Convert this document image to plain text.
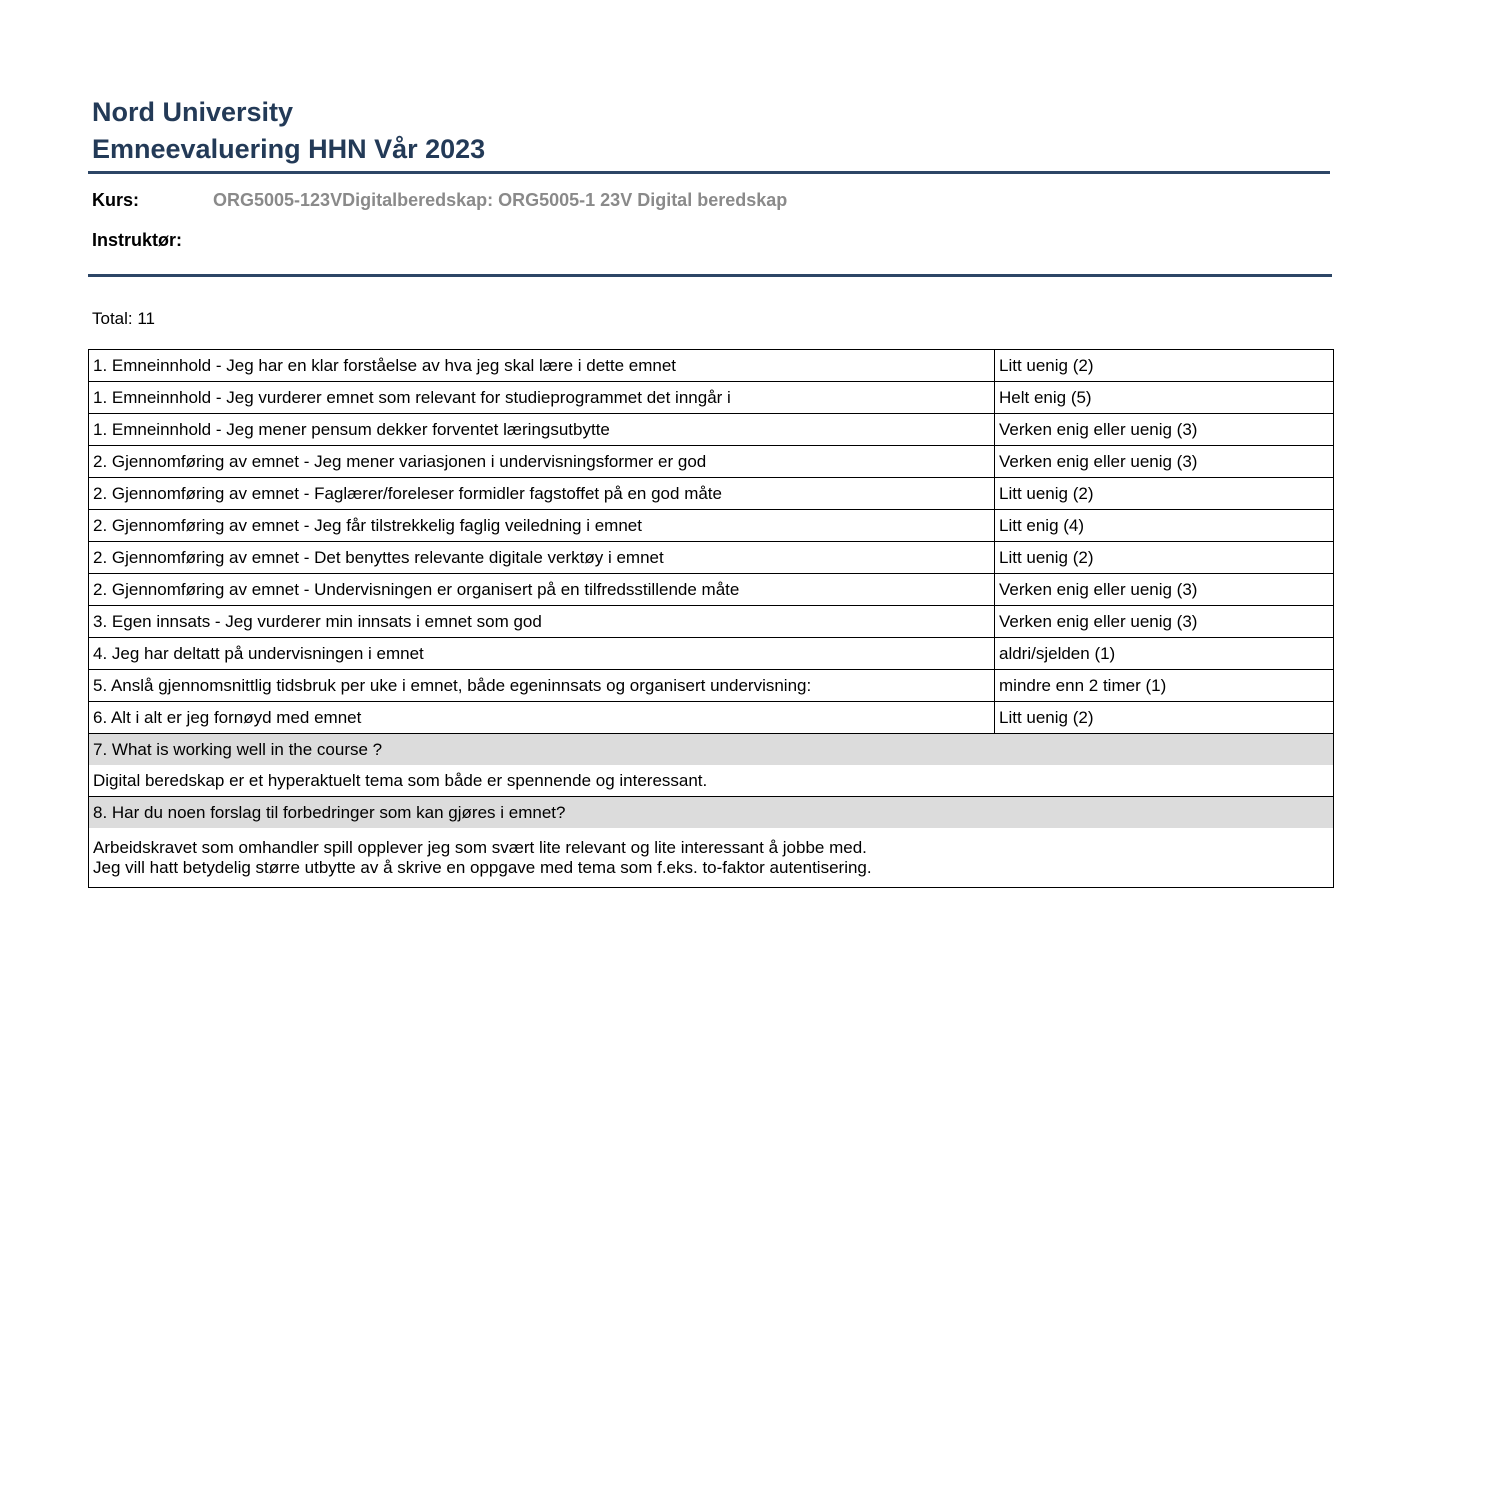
Nord University
Emneevaluering HHN Vår 2023
Kurs:	ORG5005-123VDigitalberedskap: ORG5005-1 23V Digital beredskap
Instruktør:
Total: 11
1. Emneinnhold - Jeg har en klar forståelse av hva jeg skal lære i dette emnet	Litt uenig (2)
1. Emneinnhold - Jeg vurderer emnet som relevant for studieprogrammet det inngår i	Helt enig (5)
1. Emneinnhold - Jeg mener pensum dekker forventet læringsutbytte	Verken enig eller uenig (3)
2. Gjennomføring av emnet - Jeg mener variasjonen i undervisningsformer er god	Verken enig eller uenig (3)
2. Gjennomføring av emnet - Faglærer/foreleser formidler fagstoffet på en god måte	Litt uenig (2)
2. Gjennomføring av emnet - Jeg får tilstrekkelig faglig veiledning i emnet	Litt enig (4)
2. Gjennomføring av emnet - Det benyttes relevante digitale verktøy i emnet	Litt uenig (2)
2. Gjennomføring av emnet - Undervisningen er organisert på en tilfredsstillende måte	Verken enig eller uenig (3)
3. Egen innsats - Jeg vurderer min innsats i emnet som god	Verken enig eller uenig (3)
4. Jeg har deltatt på undervisningen i emnet	aldri/sjelden (1)
5. Anslå gjennomsnittlig tidsbruk per uke i emnet, både egeninnsats og organisert undervisning:	mindre enn 2 timer (1)
6. Alt i alt er jeg fornøyd med emnet	Litt uenig (2)
7. What is working well in the course ?	

Digital beredskap er et hyperaktuelt tema som både er spennende og interessant.	

8. Har du noen forslag til forbedringer som kan gjøres i emnet?	

Arbeidskravet som omhandler spill opplever jeg som svært lite relevant og lite interessant å jobbe med.
Jeg vill hatt betydelig større utbytte av å skrive en oppgave med tema som f.eks. to-faktor autentisering.	
